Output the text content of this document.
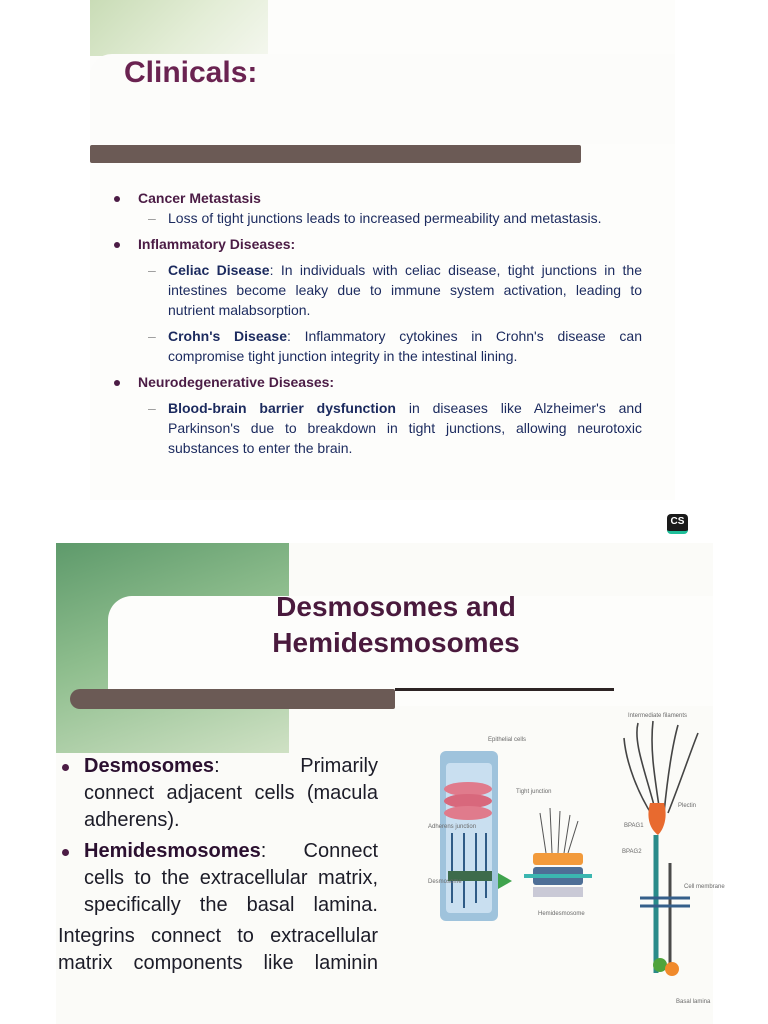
Clinicals:

Cancer Metastasis

– Loss of tight junctions leads to increased permeability and metastasis.

Inflammatory Diseases:

– Celiac Disease: In individuals with celiac disease, tight junctions in the intestines become leaky due to immune system activation, leading to nutrient malabsorption.

– Crohn's Disease: Inflammatory cytokines in Crohn's disease can compromise tight junction integrity in the intestinal lining.

Neurodegenerative Diseases:

– Blood-brain barrier dysfunction in diseases like Alzheimer's and Parkinson's due to breakdown in tight junctions, allowing neurotoxic substances to enter the brain.

CS
Desmosomes and
Hemidesmosomes

Desmosomes: Primarily connect adjacent cells (macula adherens).

Hemidesmosomes: Connect cells to the extracellular matrix, specifically the basal lamina.

Integrins connect to extracellular matrix components like laminin

Epithelial cells
Tight junction
Adherens junction
Desmosome
Hemidesmosome
Intermediate filaments
Plectin
BPAG1
BPAG2
Cell membrane
Basal lamina
